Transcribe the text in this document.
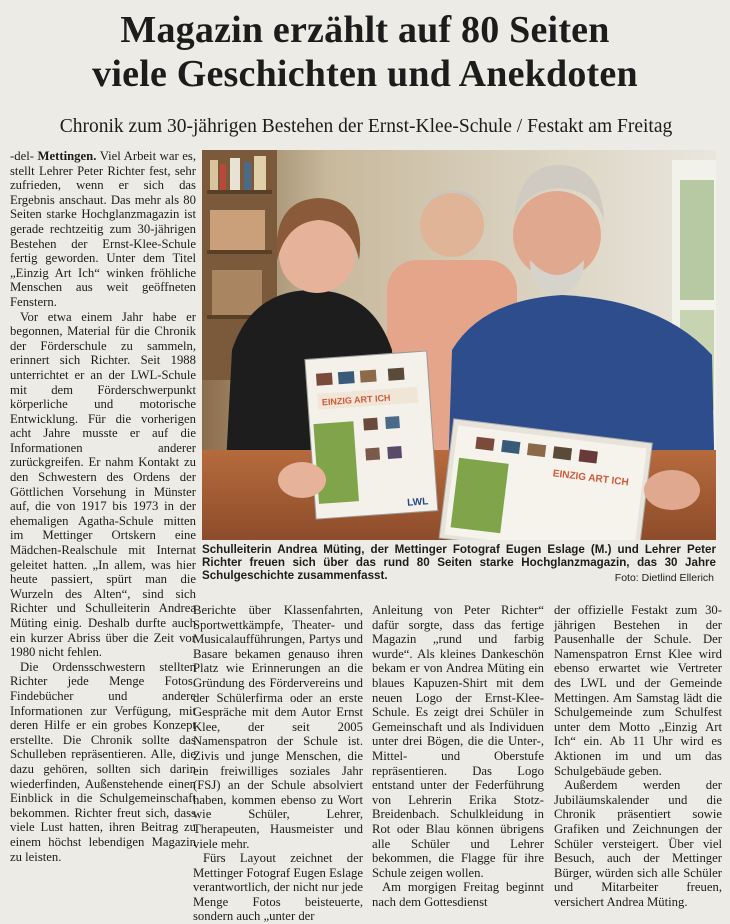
Magazin erzählt auf 80 Seiten
viele Geschichten und Anekdoten
Chronik zum 30-jährigen Bestehen der Ernst-Klee-Schule / Festakt am Freitag

-del- Mettingen. Viel Arbeit war es, stellt Lehrer Peter Richter fest, sehr zufrieden, wenn er sich das Ergebnis anschaut. Das mehr als 80 Seiten starke Hochglanzmagazin ist gerade rechtzeitig zum 30-jährigen Bestehen der Ernst-Klee-Schule fertig geworden. Unter dem Titel „Einzig Art Ich“ winken fröhliche Menschen aus weit geöffneten Fenstern.

Vor etwa einem Jahr habe er begonnen, Material für die Chronik der Förderschule zu sammeln, erinnert sich Richter. Seit 1988 unterrichtet er an der LWL-Schule mit dem Förderschwerpunkt körperliche und motorische Entwicklung. Für die vorherigen acht Jahre musste er auf die Informationen anderer zurückgreifen. Er nahm Kontakt zu den Schwestern des Ordens der Göttlichen Vorsehung in Münster auf, die von 1917 bis 1973 in der ehemaligen Agatha-Schule mitten im Mettinger Ortskern eine Mädchen-Realschule mit Internat geleitet hatten. „In allem, was hier heute passiert, spürt man die Wurzeln des Alten“, sind sich Richter und Schulleiterin Andrea Müting einig. Deshalb durfte auch ein kurzer Abriss über die Zeit vor 1980 nicht fehlen.

Die Ordensschwestern stellten Richter jede Menge Fotos, Findebücher und andere Informationen zur Verfügung, mit deren Hilfe er ein grobes Konzept erstellte. Die Chronik sollte das Schulleben repräsentieren. Alle, die dazu gehören, sollten sich darin wiederfinden, Außenstehende einen Einblick in die Schulgemeinschaft bekommen. Richter freut sich, dass viele Lust hatten, ihren Beitrag zu einem höchst lebendigen Magazin zu leisten.

EINZIG ART ICH
LWL
EINZIG ART ICH
Schulleiterin Andrea Müting, der Mettinger Fotograf Eugen Eslage (M.) und Lehrer Peter Richter freuen sich über das rund 80 Seiten starke Hochglanzmagazin, das 30 Jahre Schulgeschichte zusammenfasst.	Foto: Dietlind Ellerich

Berichte über Klassenfahrten, Sportwettkämpfe, Theater- und Musicalaufführungen, Partys und Basare bekamen genauso ihren Platz wie Erinnerungen an die Gründung des Fördervereins und der Schülerfirma oder an erste Gespräche mit dem Autor Ernst Klee, der seit 2005 Namenspatron der Schule ist. Zivis und junge Menschen, die ein freiwilliges soziales Jahr (FSJ) an der Schule absolviert haben, kommen ebenso zu Wort wie Schüler, Lehrer, Therapeuten, Hausmeister und viele mehr.

Fürs Layout zeichnet der Mettinger Fotograf Eugen Eslage verantwortlich, der nicht nur jede Menge Fotos beisteuerte, sondern auch „unter der

Anleitung von Peter Richter“ dafür sorgte, dass das fertige Magazin „rund und farbig wurde“. Als kleines Dankeschön bekam er von Andrea Müting ein blaues Kapuzen-Shirt mit dem neuen Logo der Ernst-Klee-Schule. Es zeigt drei Schüler in Gemeinschaft und als Individuen unter drei Bögen, die die Unter-, Mittel- und Oberstufe repräsentieren. Das Logo entstand unter der Federführung von Lehrerin Erika Stotz-Breidenbach. Schulkleidung in Rot oder Blau können übrigens alle Schüler und Lehrer bekommen, die Flagge für ihre Schule zeigen wollen.

Am morgigen Freitag beginnt nach dem Gottesdienst

der offizielle Festakt zum 30-jährigen Bestehen in der Pausenhalle der Schule. Der Namenspatron Ernst Klee wird ebenso erwartet wie Vertreter des LWL und der Gemeinde Mettingen. Am Samstag lädt die Schulgemeinde zum Schulfest unter dem Motto „Einzig Art Ich“ ein. Ab 11 Uhr wird es Aktionen im und um das Schulgebäude geben.

Außerdem werden der Jubiläumskalender und die Chronik präsentiert sowie Grafiken und Zeichnungen der Schüler versteigert. Über viel Besuch, auch der Mettinger Bürger, würden sich alle Schüler und Mitarbeiter freuen, versichert Andrea Müting.
